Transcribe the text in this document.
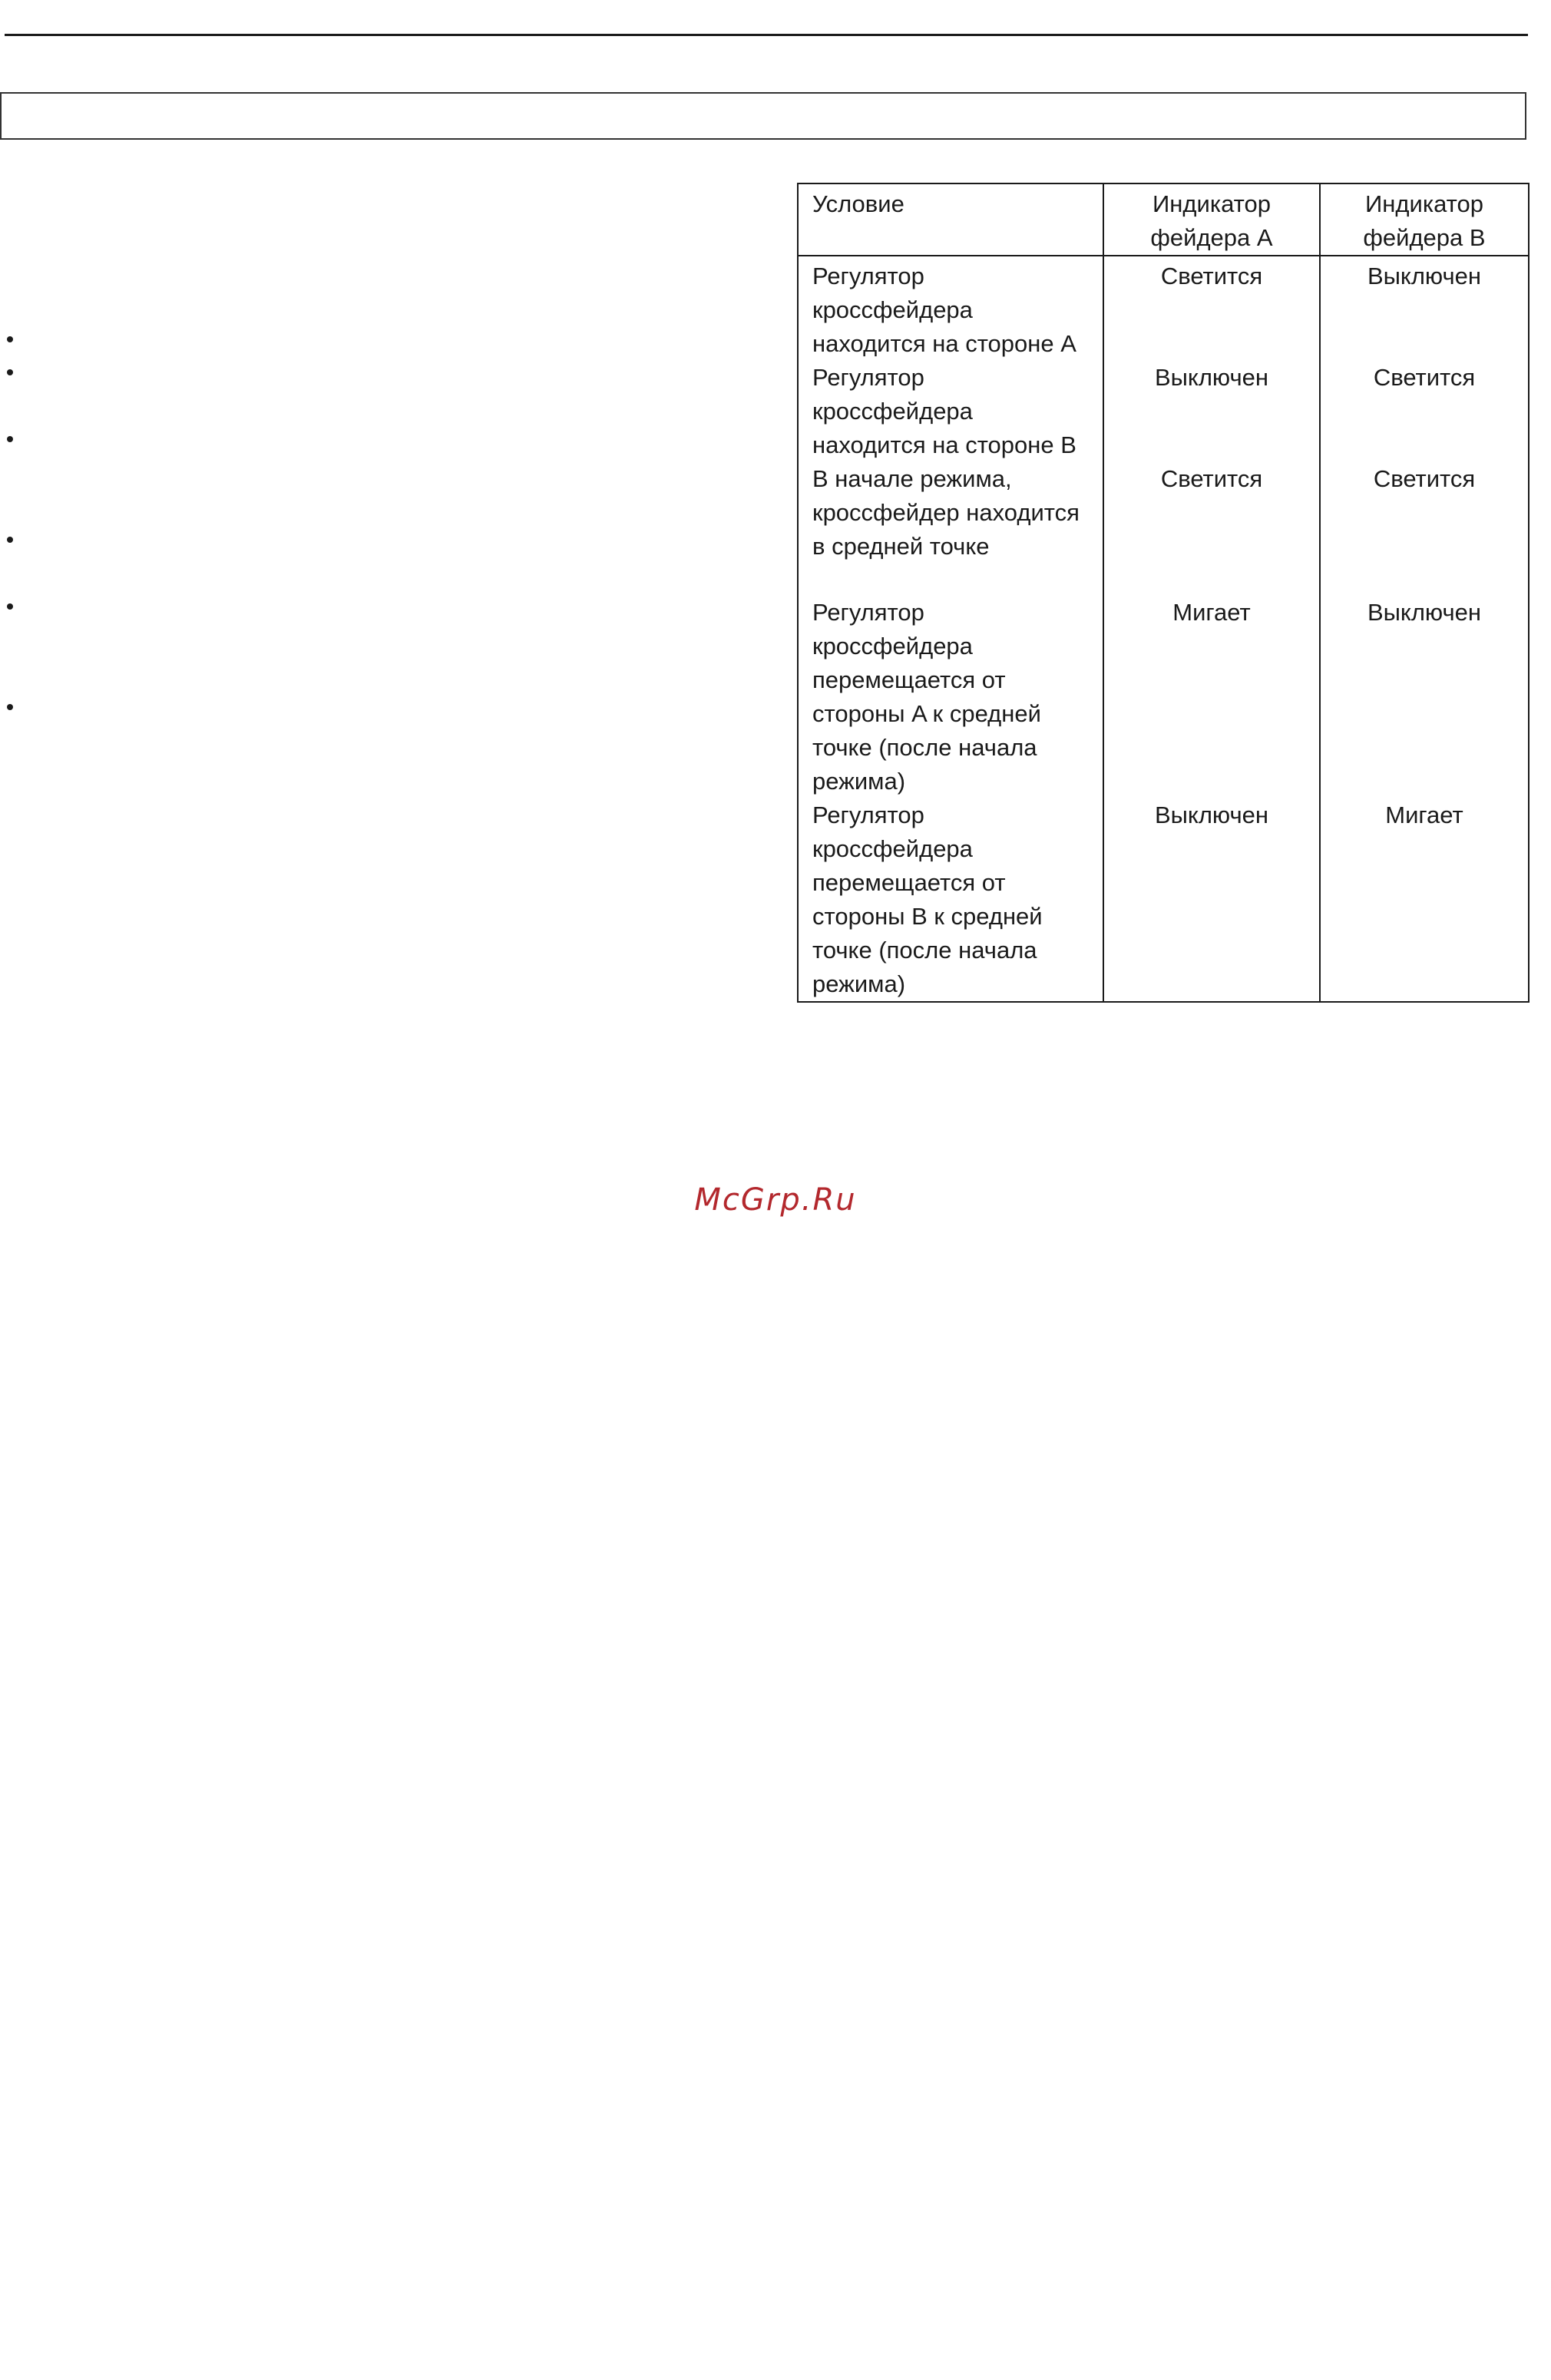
Условие	Индикатор фейдера A	Индикатор фейдера B
Регулятор кроссфейдера находится на стороне A	Светится	Выключен
Регулятор кроссфейдера находится на стороне B	Выключен	Светится
В начале режима, кроссфейдер находится в средней точке	Светится	Светится
Регулятор кроссфейдера перемещается от стороны A к средней точке (после начала режима)	Мигает	Выключен
Регулятор кроссфейдера перемещается от стороны B к средней точке (после начала режима)	Выключен	Мигает
McGrp.Ru
